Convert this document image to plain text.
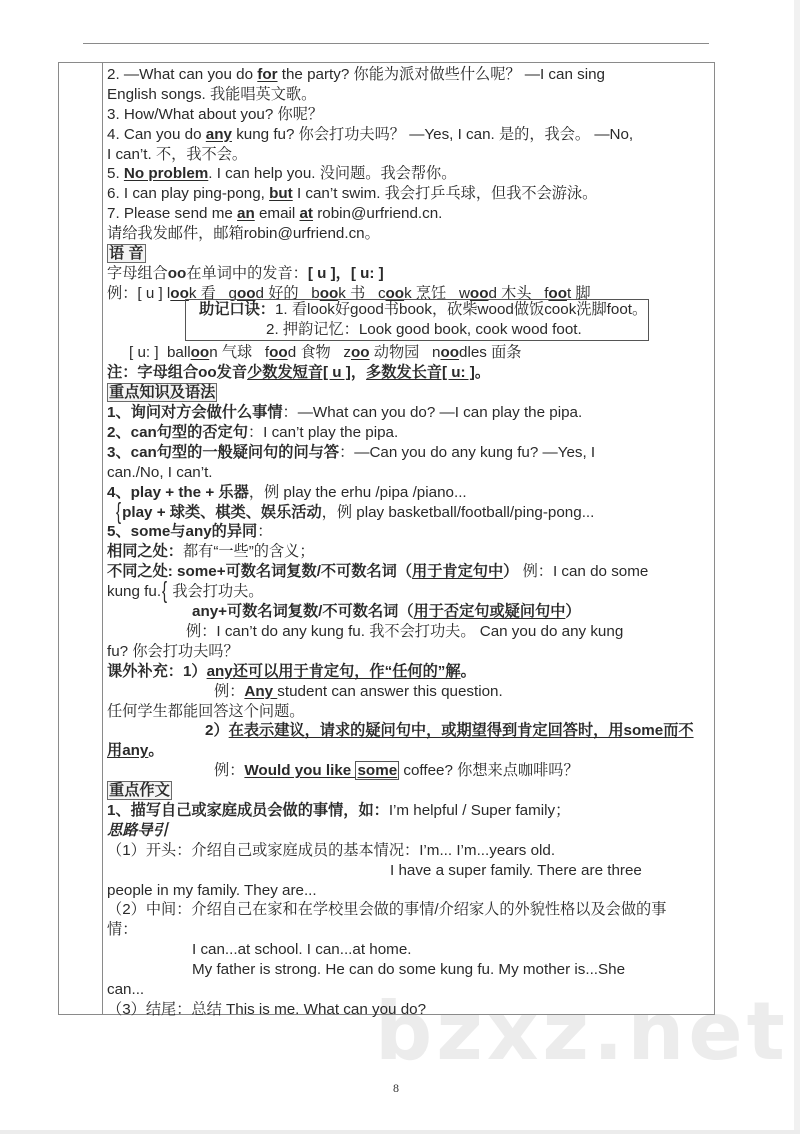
bzxz.net
2. —What can you do for the party? 你能为派对做些什么呢？ —I can sing
English songs. 我能唱英文歌。
3. How/What about you? 你呢？
4. Can you do any kung fu? 你会打功夫吗？ —Yes, I can. 是的，我会。 —No,
I can’t. 不，我不会。
5. No problem. I can help you. 没问题。我会帮你。
6. I can play ping-pong, but I can’t swim. 我会打乒乓球，但我不会游泳。
7. Please send me an email at robin@urfriend.cn.
请给我发邮件，邮箱robin@urfriend.cn。
语 音
字母组合oo在单词中的发音：[ u ]，[ u: ]
例：[ u ] look 看   good 好的   book 书   cook 烹饪   wood 木头   foot 脚
[ u: ]  balloon 气球   food 食物   zoo 动物园   noodles 面条
注：字母组合oo发音少数发短音[ u ]，多数发长音[ u: ]。
重点知识及语法
1、询问对方会做什么事情：—What can you do? —I can play the pipa.
2、can句型的否定句：I can’t play the pipa.
3、can句型的一般疑问句的问与答：—Can you do any kung fu? —Yes, I
can./No, I can’t.
4、play + the + 乐器，例 play the erhu /pipa /piano...
{play + 球类、棋类、娱乐活动，例 play basketball/football/ping-pong...
5、some与any的异同：
相同之处：都有“一些”的含义；
不同之处: some+可数名词复数/不可数名词（用于肯定句中） 例：I can do some
kung fu.{ 我会打功夫。
any+可数名词复数/不可数名词（用于否定句或疑问句中）
例：I can’t do any kung fu. 我不会打功夫。 Can you do any kung
fu? 你会打功夫吗？
课外补充：1）any还可以用于肯定句，作“任何的”解。
例：Any student can answer this question.
任何学生都能回答这个问题。
2）在表示建议，请求的疑问句中，或期望得到肯定回答时，用some而不
用any。
例：Would you like some coffee? 你想来点咖啡吗？
重点作文
1、描写自己或家庭成员会做的事情，如：I’m helpful / Super family；
思路导引
（1）开头：介绍自己或家庭成员的基本情况：I’m... I’m...years old.
I have a super family. There are three
people in my family. They are...
（2）中间：介绍自己在家和在学校里会做的事情/介绍家人的外貌性格以及会做的事
情：
I can...at school. I can...at home.
My father is strong. He can do some kung fu. My mother is...She
can...
（3）结尾：总结 This is me. What can you do?
助记口诀：1. 看look好good书book，砍柴wood做饭cook洗脚foot。
2. 押韵记忆：Look good book, cook wood foot.
8
